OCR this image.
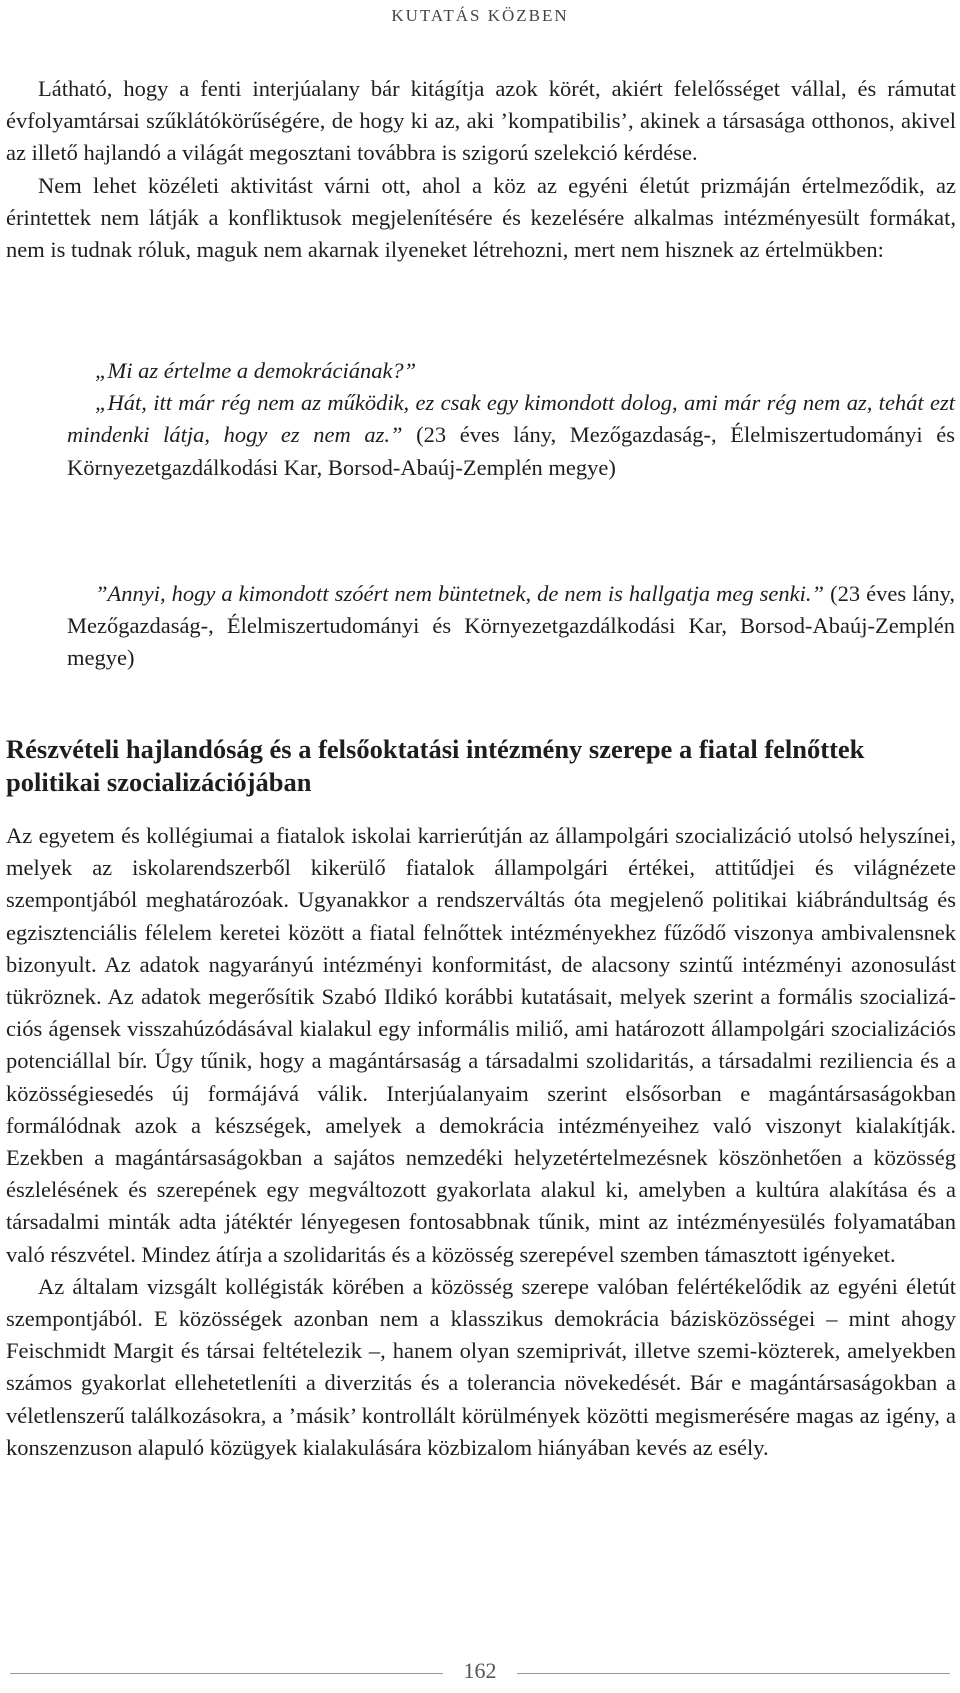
KUTATÁS KÖZBEN

Látható, hogy a fenti interjúalany bár kitágítja azok körét, akiért felelősséget vállal, és rámutat évfolyamtársai szűklátókörűségére, de hogy ki az, aki ’kompatibilis’, akinek a társasága otthonos, akivel az illető hajlandó a világát megosztani továbbra is szigorú szelekció kérdése.

Nem lehet közéleti aktivitást várni ott, ahol a köz az egyéni életút prizmáján értelmeződik, az érintettek nem látják a konfliktusok megjelenítésére és kezelésére alkalmas intézményesült formákat, nem is tudnak róluk, maguk nem akarnak ilyeneket létrehozni, mert nem hisznek az értelmükben:

„Mi az értelme a demokráciának?”

„Hát, itt már rég nem az működik, ez csak egy kimondott dolog, ami már rég nem az, tehát ezt mindenki látja, hogy ez nem az.” (23 éves lány, Mezőgazdaság-, Élelmiszertudományi és Környezetgazdálkodási Kar, Borsod-Abaúj-Zemplén megye)

”Annyi, hogy a kimondott szóért nem büntetnek, de nem is hallgatja meg senki.” (23 éves lány, Mezőgazdaság-, Élelmiszertudományi és Környezetgazdálkodási Kar, Borsod-Abaúj-Zemplén megye)

Részvételi hajlandóság és a felsőoktatási intézmény szerepe a fiatal felnőttek politikai szocializációjában

Az egyetem és kollégiumai a fiatalok iskolai karrierútján az állampolgári szocializáció utolsó helyszínei, melyek az iskolarendszerből kikerülő fiatalok állampolgári értékei, attitűdjei és világnézete szempontjából meghatározóak. Ugyanakkor a rendszerváltás óta megjelenő politikai kiábrándultság és egzisztenciális félelem keretei között a fiatal felnőttek intézményekhez fűződő viszonya ambivalensnek bizonyult. Az adatok nagyarányú intézményi konformitást, de alacsony szintű intézményi azonosulást tükröznek. Az adatok megerősítik Szabó Ildikó korábbi kutatásait, melyek szerint a formális szocializációs ágensek visszahúzódásával kialakul egy informális miliő, ami határozott állampolgári szocializációs potenciállal bír. Úgy tűnik, hogy a magántársaság a társadalmi szolidaritás, a társadalmi reziliencia és a közösségiesedés új formájává válik. Interjúalanyaim szerint elsősorban e magántársaságokban formálódnak azok a készségek, amelyek a demokrácia intézményeihez való viszonyt kialakítják. Ezekben a magántársaságokban a sajátos nemzedéki helyzetértelmezésnek köszönhetően a közösség észlelésének és szerepének egy megváltozott gyakorlata alakul ki, amelyben a kultúra alakítása és a társadalmi minták adta játéktér lényegesen fontosabbnak tűnik, mint az intézményesülés folyamatában való részvétel. Mindez átírja a szolidaritás és a közösség szerepével szemben támasztott igényeket.

Az általam vizsgált kollégisták körében a közösség szerepe valóban felértékelődik az egyéni életút szempontjából. E közösségek azonban nem a klasszikus demokrácia bázisközösségei – mint ahogy Feischmidt Margit és társai feltételezik –, hanem olyan szemiprivát, illetve szemi-közterek, amelyekben számos gyakorlat ellehetetleníti a diverzitás és a tolerancia növekedését. Bár e magántársaságokban a véletlenszerű találkozásokra, a ’másik’ kontrollált körülmények közötti megismerésére magas az igény, a konszenzuson alapuló közügyek kialakulására közbizalom hiányában kevés az esély.

162
